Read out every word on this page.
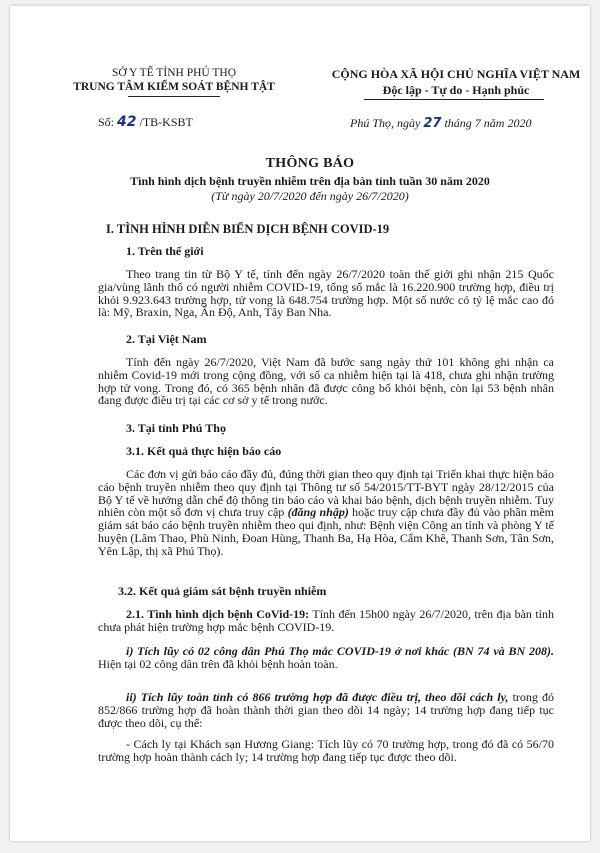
SỞ Y TẾ TỈNH PHÚ THỌ
TRUNG TÂM KIỂM SOÁT BỆNH TẬT
CỘNG HÒA XÃ HỘI CHỦ NGHĨA VIỆT NAM
Độc lập - Tự do - Hạnh phúc
Số: 42 /TB-KSBT	Phú Thọ, ngày 27 tháng 7 năm 2020
THÔNG BÁO
Tình hình dịch bệnh truyền nhiễm trên địa bàn tỉnh tuần 30 năm 2020
(Từ ngày 20/7/2020 đến ngày 26/7/2020)
I. TÌNH HÌNH DIỄN BIẾN DỊCH BỆNH COVID-19
1. Trên thế giới
Theo trang tin từ Bộ Y tế, tính đến ngày 26/7/2020 toàn thế giới ghi nhận 215 Quốc gia/vùng lãnh thổ có người nhiễm COVID-19, tổng số mắc là 16.220.900 trường hợp, điều trị khỏi 9.923.643 trường hợp, tử vong là 648.754 trường hợp. Một số nước có tỷ lệ mắc cao đó là: Mỹ, Braxin, Nga, Ấn Độ, Anh, Tây Ban Nha.
2. Tại Việt Nam
Tính đến ngày 26/7/2020, Việt Nam đã bước sang ngày thứ 101 không ghi nhận ca nhiễm Covid-19 mới trong cộng đồng, với số ca nhiễm hiện tại là 418, chưa ghi nhận trường hợp tử vong. Trong đó, có 365 bệnh nhân đã được công bố khỏi bệnh, còn lại 53 bệnh nhân đang được điều trị tại các cơ sở y tế trong nước.
3. Tại tỉnh Phú Thọ
3.1. Kết quả thực hiện báo cáo
Các đơn vị gửi báo cáo đầy đủ, đúng thời gian theo quy định tại Triển khai thực hiện báo cáo bệnh truyền nhiễm theo quy định tại Thông tư số 54/2015/TT-BYT ngày 28/12/2015 của Bộ Y tế về hướng dẫn chế độ thông tin báo cáo và khai báo bệnh, dịch bệnh truyền nhiễm. Tuy nhiên còn một số đơn vị chưa truy cập (đăng nhập) hoặc truy cập chưa đầy đủ vào phần mềm giám sát báo cáo bệnh truyền nhiễm theo qui định, như: Bệnh viện Công an tỉnh và phòng Y tế huyện (Lâm Thao, Phù Ninh, Đoan Hùng, Thanh Ba, Hạ Hòa, Cẩm Khê, Thanh Sơn, Tân Sơn, Yên Lập, thị xã Phú Thọ).
3.2. Kết quả giám sát bệnh truyền nhiễm
2.1. Tình hình dịch bệnh CoVid-19: Tính đến 15h00 ngày 26/7/2020, trên địa bàn tỉnh chưa phát hiện trường hợp mắc bệnh COVID-19.
i) Tích lũy có 02 công dân Phú Thọ mắc COVID-19 ở nơi khác (BN 74 và BN 208). Hiện tại 02 công dân trên đã khỏi bệnh hoàn toàn.
ii) Tích lũy toàn tỉnh có 866 trường hợp đã được điều trị, theo dõi cách ly, trong đó 852/866 trường hợp đã hoàn thành thời gian theo dõi 14 ngày; 14 trường hợp đang tiếp tục được theo dõi, cụ thể:
- Cách ly tại Khách sạn Hương Giang: Tích lũy có 70 trường hợp, trong đó đã có 56/70 trường hợp hoàn thành cách ly; 14 trường hợp đang tiếp tục được theo dõi.
